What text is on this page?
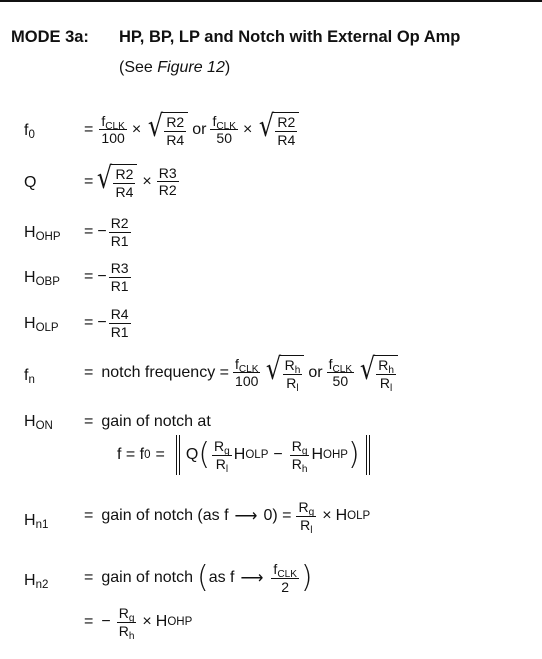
MODE 3a: HP, BP, LP and Notch with External Op Amp
(See Figure 12)
$f_0$	= $\frac{f_{CLK}}{100}$ × √ $\frac{R2}{R4}$ or $\frac{f_{CLK}}{50}$ × √ $\frac{R2}{R4}$
Q	= √ $\frac{R2}{R4} \times \frac{R3}{R2}$
$H_{OHP}$ = − $\frac{R2}{R1}$
$H_{OBP}$ = − $\frac{R3}{R1}$
$H_{OLP}$ = − $\frac{R4}{R1}$
$f_n$	= notch frequency = $\frac{f_{CLK}}{100}$ √ $\frac{R_h}{R_l}$ or $\frac{f_{CLK}}{50}$ √ $\frac{R_h}{R_l}$
$H_{ON}$ = gain of notch at
f = f 0 = Q ( $\frac{R_g}{R_l}$ H OLP − $\frac{R_g}{R_h}$ H OHP )
$H_{n1}$
= gain of notch (as f ⟶ $0) = \frac{R_g}{R_l} \times H$ OLP
$H_{n2}$ = gain of notch ( as f ⟶ $\frac{f_{CLK}}{2}$ )
= − $\frac{R_g}{R_h} \times H$ OHP
